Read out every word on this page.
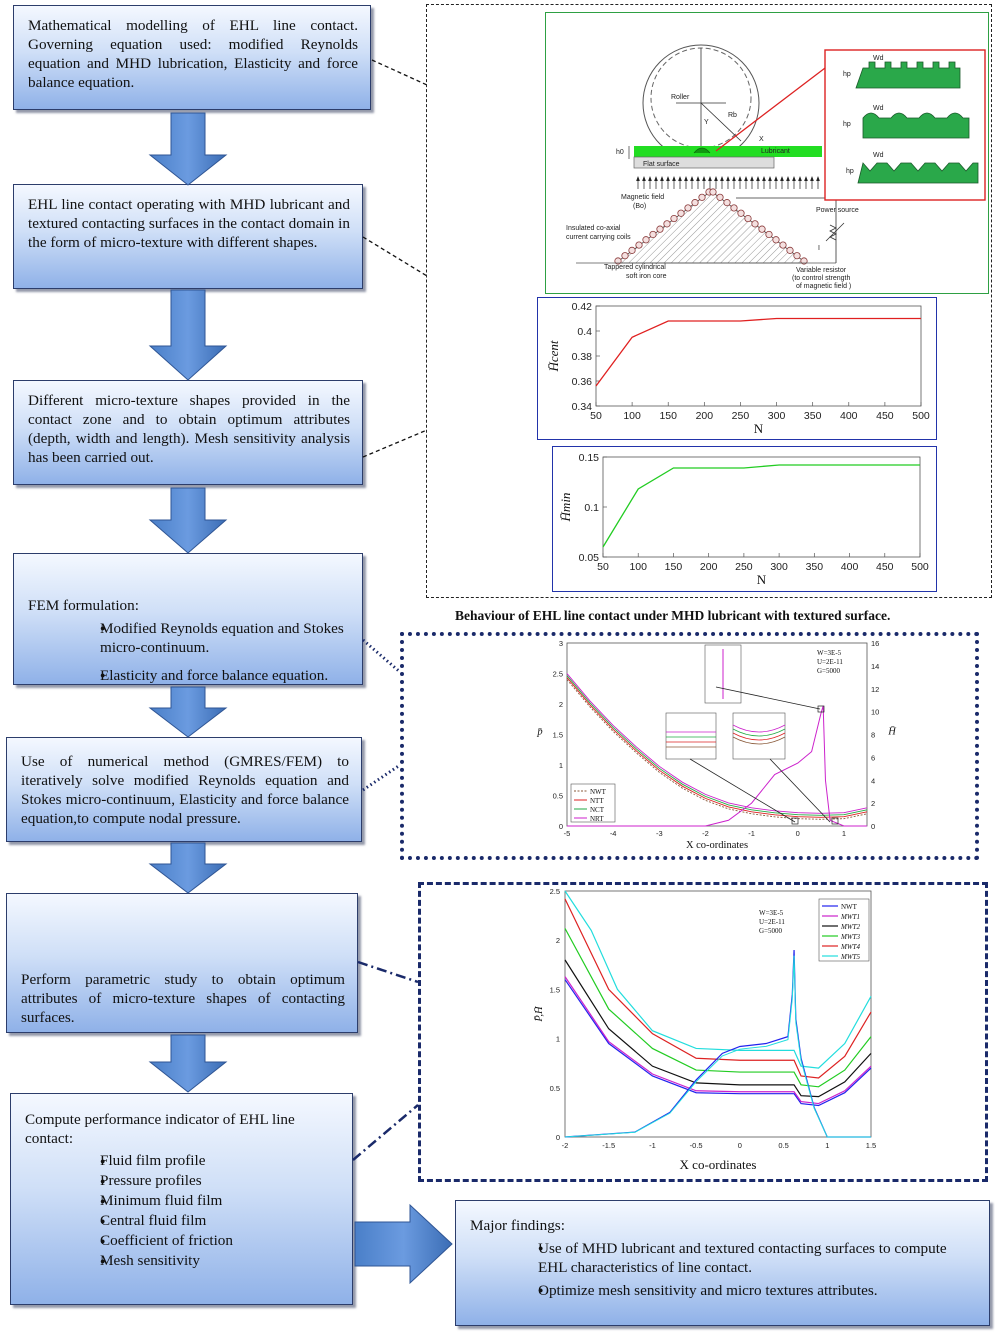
Mathematical modelling of EHL line contact. Governing equation used: modified Reynolds equation and MHD lubrication, Elasticity and force balance equation.
EHL line contact operating with MHD lubricant and textured contacting surfaces in the contact domain in the form of micro-texture with different shapes.
Different micro-texture shapes provided in the contact zone and to obtain optimum attributes (depth, width and length). Mesh sensitivity analysis has been carried out.
FEM formulation:
● Modified Reynolds equation and Stokes micro-continuum.
● Elasticity and force balance equation.
Use of numerical method (GMRES/FEM) to iteratively solve modified Reynolds equation and Stokes micro-continuum, Elasticity and force balance equation,to compute nodal pressure.
Perform parametric study to obtain optimum attributes of micro-texture shapes of contacting surfaces.
Compute performance indicator of EHL line contact:
● Fluid film profile
● Pressure profiles
● Minimum fluid film
● Central fluid film
● Coefficient of friction
● Mesh sensitivity
Major findings:
● Use of MHD lubricant and textured contacting surfaces to compute EHL characteristics of line contact.
● Optimize mesh sensitivity and micro textures attributes.
Roller
Rb
Y
X
Flat surface
Lubricant
h0
Magnetic field
(Bo)
Insulated co-axial
current carrying coils
Tappered cylindrical
soft iron core
Power source
I
Variable resistor
(to control strength
of magnetic field )
Wd
hp
Wd
hp
Wd
hp
50 100 150 200 250 300 350 400 450 500
0.34
0.36
0.38
0.4
0.42
N
H̄cent
50 100 150 200 250 300 350 400 450 500
0.05
0.1
0.15
N
H̄min
Behaviour of EHL line contact under MHD lubricant with textured surface.
-5	-4	-3	-2	-1	0	1
0
0.5
1
1.5
2
2.5
3
0
2
4
6
8
10
12
14
16
X co-ordinates
p̄	H̄
W=3E-5
U=2E-11
G=5000
NWT
NTT
NCT
NRT
-2	-1.5	-1	-0.5	0	0.5	1	1.5
0
0.5
1
1.5
2
2.5
X co-ordinates
P̄,H̄
W=3E-5
U=2E-11
G=5000
NWT
MWT1
MWT2
MWT3
MWT4
MWT5
